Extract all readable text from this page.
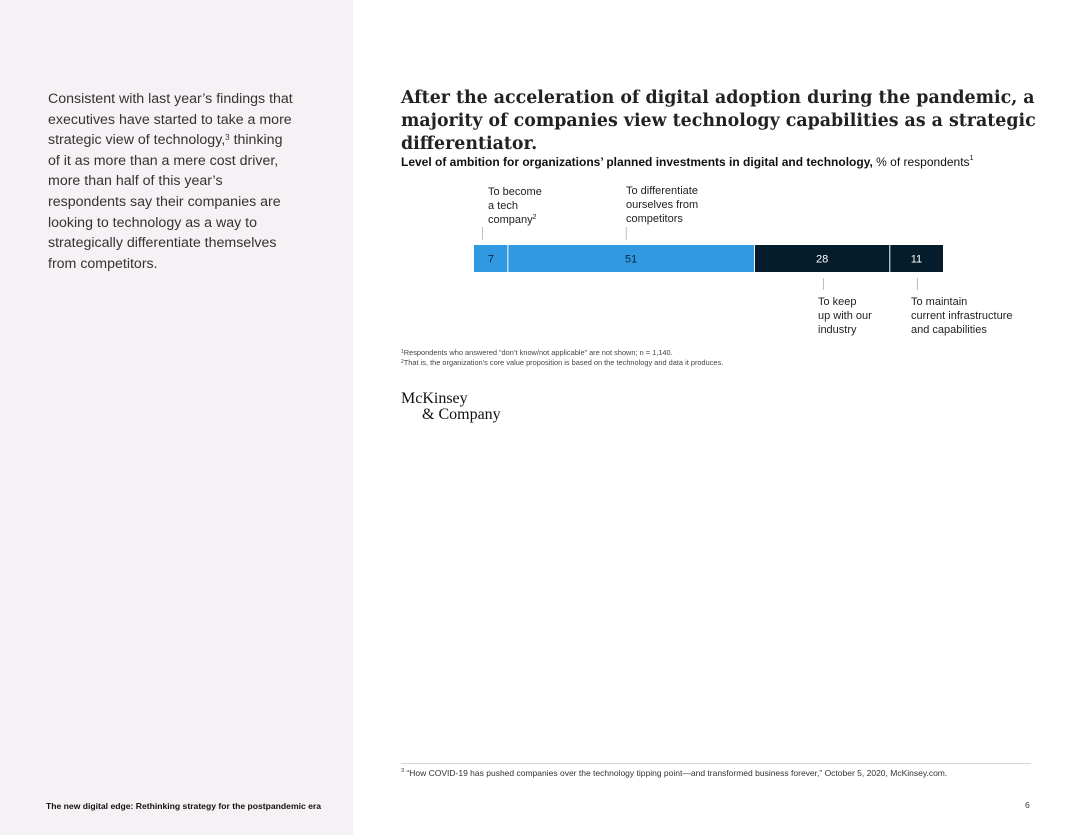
Consistent with last year’s findings that executives have started to take a more strategic view of technology,$^3$ thinking of it as more than a mere cost driver, more than half of this year’s respondents say their companies are looking to technology as a way to strategically differentiate themselves from competitors.
The new digital edge: Rethinking strategy for the postpandemic era
After the acceleration of digital adoption during the pandemic, a majority of companies view technology capabilities as a strategic differentiator.
Level of ambition for organizations’ planned investments in digital and technology, % of respondents$^1$
7	51	28	11
To become
a tech
company$^2$
To differentiate
ourselves from
competitors
To keep
up with our
industry
To maintain
current infrastructure
and capabilities
$^1$Respondents who answered “don’t know/not applicable” are not shown; n = 1,140.
$^2$That is, the organization’s core value proposition is based on the technology and data it produces.
McKinsey
& Company
$^3$ “How COVID-19 has pushed companies over the technology tipping point—and transformed business forever,” October 5, 2020, McKinsey.com.
6
